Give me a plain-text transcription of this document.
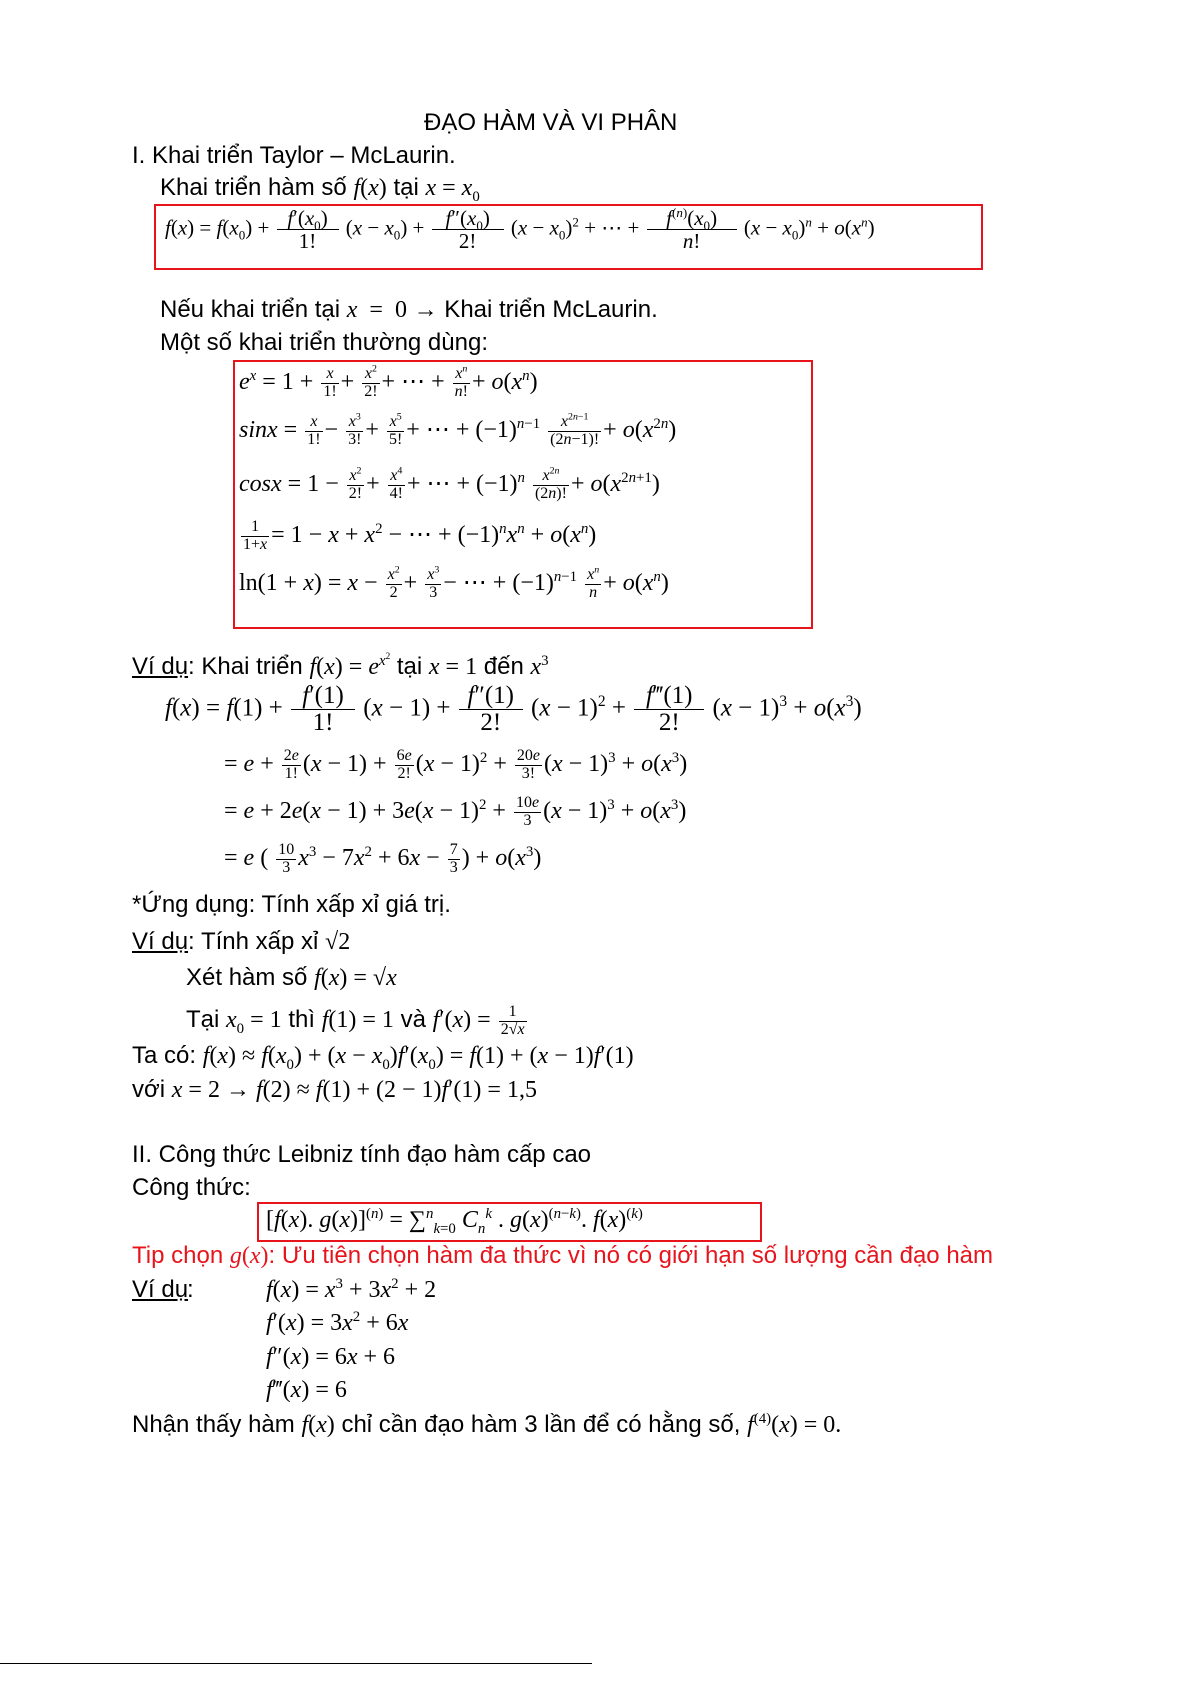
ĐẠO HÀM VÀ VI PHÂN
I. Khai triển Taylor – McLaurin.
Khai triển hàm số f(x) tại $x = x_0$
$f(x) = f(x_0) + \frac{f'(x_0)}{1!} (x - x_0) + \frac{f''(x_0)}{2!} (x - x_0)^2$ + ⋯ + $\frac{f^{(n)}(x_0)}{n!} (x - x_0)^n + o(x^n)$
Nếu khai triển tại x  =  0 → Khai triển McLaurin.
Một số khai triển thường dùng:
$e^x = 1 + \frac{x}{1!} + \frac{x^2}{2!}$ + ⋯ + $\frac{x^n}{n!} + o(x^n)$
$\sin x = \frac{x}{1!} - \frac{x^3}{3!} + \frac{x^5}{5!}$ + ⋯ + $(-1)^{n-1} \frac{x^{2n-1}}{(2n-1)!} + o(x^{2n})$
$\cos x = 1 - \frac{x^2}{2!} + \frac{x^4}{4!}$ + ⋯ + $(-1)^n \frac{x^{2n}}{(2n)!} + o(x^{2n+1})$
$\frac{1}{1+x} = 1 - x + x^2$ − ⋯ + $(-1)^nx^n + o(x^n)$
$\ln(1 + x) = x - \frac{x^2}{2} + \frac{x^3}{3}$ − ⋯ + $(-1)^{n-1} \frac{x^n}{n} + o(x^n)$
Ví dụ: Khai triển $f(x) = e^{x^2}$ tại x = 1 đến $x^3$
$f(x) = f(1) + \frac{f'(1)}{1!} (x - 1) + \frac{f''(1)}{2!} (x - 1)^2 + \frac{f‴(1)}{2!} (x - 1)^3 + o(x^3)$
= $e + \frac{2e}{1!} (x - 1) + \frac{6e}{2!} (x - 1)^2 + \frac{20e}{3!} (x - 1)^3 + o(x^3)$
= $e + 2e(x - 1) + 3e(x - 1)^2 + \frac{10e}{3} (x - 1)^3 + o(x^3)$
= e ( $\frac{10}{3} x^3 - 7x^2 + 6x - \frac{7}{3}$ ) + $o(x^3)$
*Ứng dụng: Tính xấp xỉ giá trị.
Ví dụ: Tính xấp xỉ √2
Xét hàm số f(x) = √x
Tại $x_0 = 1$ thì f(1) = 1 và $f'(x) = \frac{1}{2√x}$
Ta có: $f(x) \approx f(x_0) + (x - x_0)f'(x_0) = f(1) + (x - 1)f'(1)$
với x = 2 → f(2) ≈ f(1) + (2 − 1)f′(1) = 1,5
II. Công thức Leibniz tính đạo hàm cấp cao
Công thức:
[f(x). g(x)]$^{(n)}$ = ∑$^n_{k=0}$ $C_n^k$ . $g(x)^{(n-k)}$. $f(x)^{(k)}$
Tip chọn g(x): Ưu tiên chọn hàm đa thức vì nó có giới hạn số lượng cần đạo hàm
Ví dụ
:	$f(x) = x^3 + 3x^2 + 2$
$f'(x) = 3x^2 + 6x$
f″(x) = 6x + 6
f‴(x) = 6
Nhận thấy hàm f(x) chỉ cần đạo hàm 3 lần để có hằng số, $f^{(4)}(x) = 0$.
